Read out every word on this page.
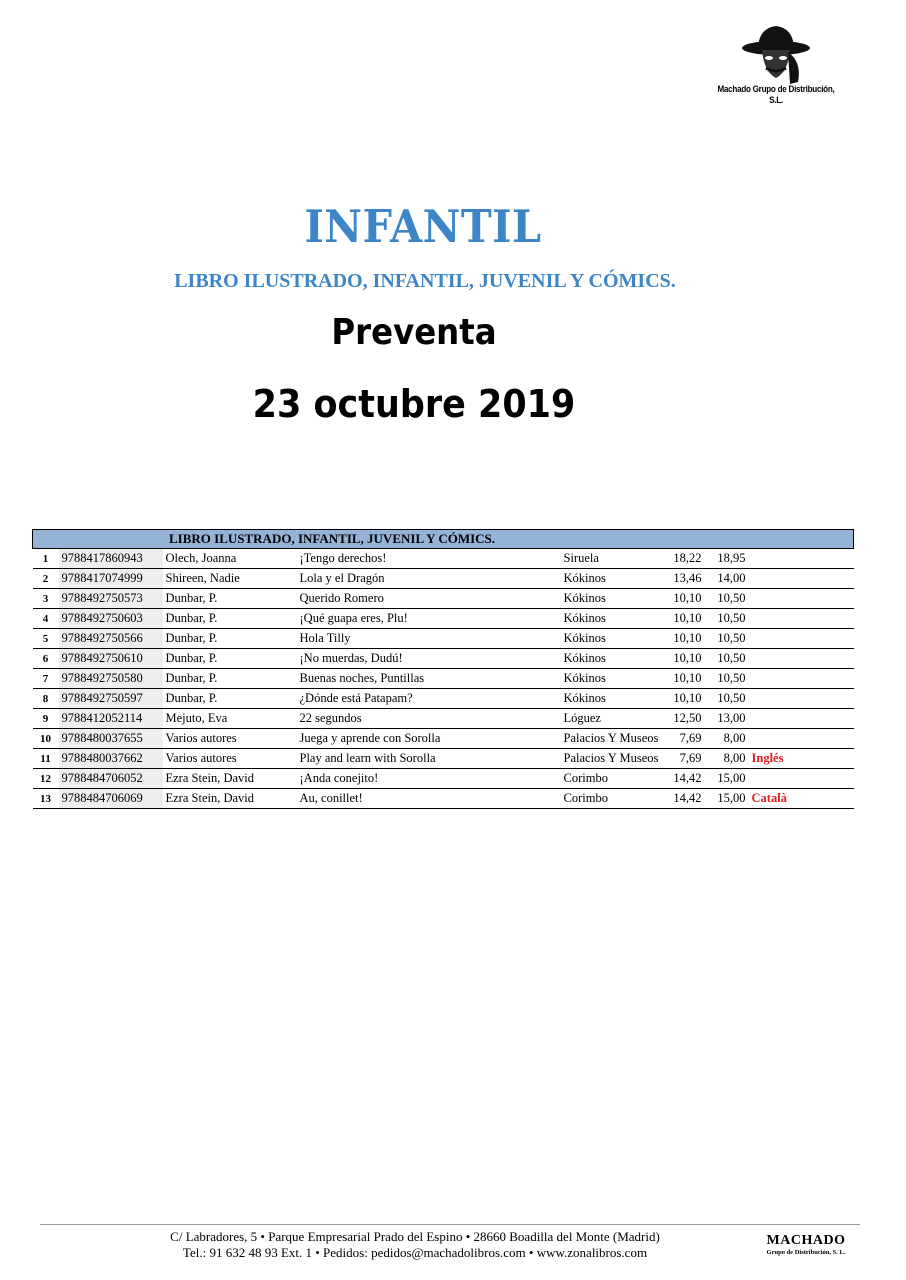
Machado Grupo de Distribución, S.L.
INFANTIL
LIBRO ILUSTRADO, INFANTIL, JUVENIL Y CÓMICS.
Preventa
23 octubre 2019
LIBRO ILUSTRADO, INFANTIL, JUVENIL Y CÓMICS.							
1	9788417860943	Olech, Joanna	¡Tengo derechos!	Siruela	18,22	18,95	
2	9788417074999	Shireen, Nadie	Lola y el Dragón	Kókinos	13,46	14,00	
3	9788492750573	Dunbar, P.	Querido Romero	Kókinos	10,10	10,50	
4	9788492750603	Dunbar, P.	¡Qué guapa eres, Plu!	Kókinos	10,10	10,50	
5	9788492750566	Dunbar, P.	Hola Tilly	Kókinos	10,10	10,50	
6	9788492750610	Dunbar, P.	¡No muerdas, Dudú!	Kókinos	10,10	10,50	
7	9788492750580	Dunbar, P.	Buenas noches, Puntillas	Kókinos	10,10	10,50	
8	9788492750597	Dunbar, P.	¿Dónde está Patapam?	Kókinos	10,10	10,50	
9	9788412052114	Mejuto, Eva	22 segundos	Lóguez	12,50	13,00	
10	9788480037655	Varios autores	Juega y aprende con Sorolla	Palacios Y Museos	7,69	8,00	
11	9788480037662	Varios autores	Play and learn with Sorolla	Palacios Y Museos	7,69	8,00	Inglés
12	9788484706052	Ezra Stein, David	¡Anda conejito!	Corimbo	14,42	15,00	
13	9788484706069	Ezra Stein, David	Au, conillet!	Corimbo	14,42	15,00	Català
C/ Labradores, 5 • Parque Empresarial Prado del Espino • 28660 Boadilla del Monte (Madrid)
Tel.: 91 632 48 93 Ext. 1 • Pedidos: pedidos@machadolibros.com • www.zonalibros.com
MACHADO
Grupo de Distribución, S. L.
